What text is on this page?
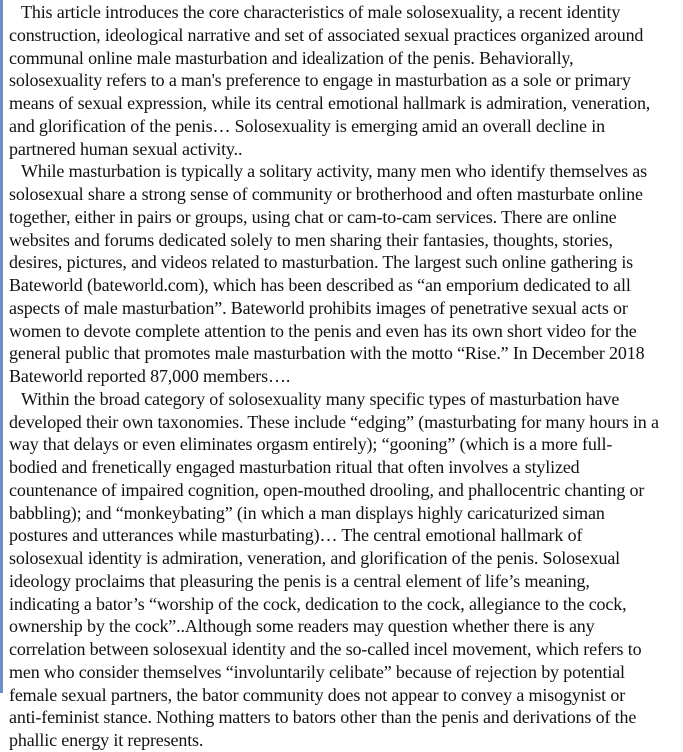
This article introduces the core characteristics of male solosexuality, a recent identity
construction, ideological narrative and set of associated sexual practices organized around
communal online male masturbation and idealization of the penis. Behaviorally,
solosexuality refers to a man's preference to engage in masturbation as a sole or primary
means of sexual expression, while its central emotional hallmark is admiration, veneration,
and glorification of the penis… Solosexuality is emerging amid an overall decline in
partnered human sexual activity..
While masturbation is typically a solitary activity, many men who identify themselves as
solosexual share a strong sense of community or brotherhood and often masturbate online
together, either in pairs or groups, using chat or cam-to-cam services. There are online
websites and forums dedicated solely to men sharing their fantasies, thoughts, stories,
desires, pictures, and videos related to masturbation. The largest such online gathering is
Bateworld (bateworld.com), which has been described as “an emporium dedicated to all
aspects of male masturbation”. Bateworld prohibits images of penetrative sexual acts or
women to devote complete attention to the penis and even has its own short video for the
general public that promotes male masturbation with the motto “Rise.” In December 2018
Bateworld reported 87,000 members….
Within the broad category of solosexuality many specific types of masturbation have
developed their own taxonomies. These include “edging” (masturbating for many hours in a
way that delays or even eliminates orgasm entirely); “gooning” (which is a more full-
bodied and frenetically engaged masturbation ritual that often involves a stylized
countenance of impaired cognition, open-mouthed drooling, and phallocentric chanting or
babbling); and “monkeybating” (in which a man displays highly caricaturized siman
postures and utterances while masturbating)… The central emotional hallmark of
solosexual identity is admiration, veneration, and glorification of the penis. Solosexual
ideology proclaims that pleasuring the penis is a central element of life’s meaning,
indicating a bator’s “worship of the cock, dedication to the cock, allegiance to the cock,
ownership by the cock”..Although some readers may question whether there is any
correlation between solosexual identity and the so-called incel movement, which refers to
men who consider themselves “involuntarily celibate” because of rejection by potential
female sexual partners, the bator community does not appear to convey a misogynist or
anti-feminist stance. Nothing matters to bators other than the penis and derivations of the
phallic energy it represents.
